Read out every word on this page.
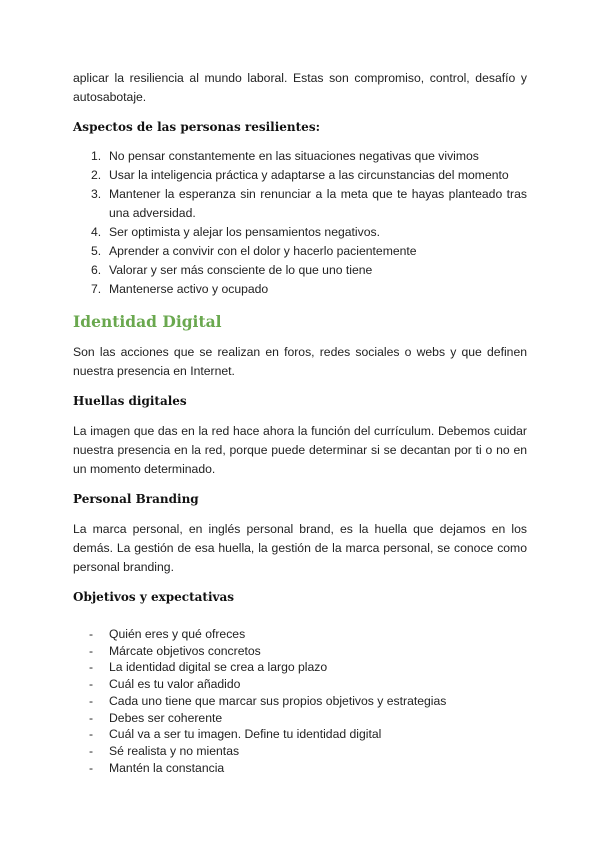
aplicar la resiliencia al mundo laboral. Estas son compromiso, control, desafío y autosabotaje.

Aspectos de las personas resilientes:
1. No pensar constantemente en las situaciones negativas que vivimos
2. Usar la inteligencia práctica y adaptarse a las circunstancias del momento
3. Mantener la esperanza sin renunciar a la meta que te hayas planteado tras una adversidad.
4. Ser optimista y alejar los pensamientos negativos.
5. Aprender a convivir con el dolor y hacerlo pacientemente
6. Valorar y ser más consciente de lo que uno tiene
7. Mantenerse activo y ocupado
Identidad Digital

Son las acciones que se realizan en foros, redes sociales o webs y que definen nuestra presencia en Internet.

Huellas digitales

La imagen que das en la red hace ahora la función del currículum. Debemos cuidar nuestra presencia en la red, porque puede determinar si se decantan por ti o no en un momento determinado.

Personal Branding

La marca personal, en inglés personal brand, es la huella que dejamos en los demás. La gestión de esa huella, la gestión de la marca personal, se conoce como personal branding.

Objetivos y expectativas
- Quién eres y qué ofreces
- Márcate objetivos concretos
- La identidad digital se crea a largo plazo
- Cuál es tu valor añadido
- Cada uno tiene que marcar sus propios objetivos y estrategias
- Debes ser coherente
- Cuál va a ser tu imagen. Define tu identidad digital
- Sé realista y no mientas
- Mantén la constancia
